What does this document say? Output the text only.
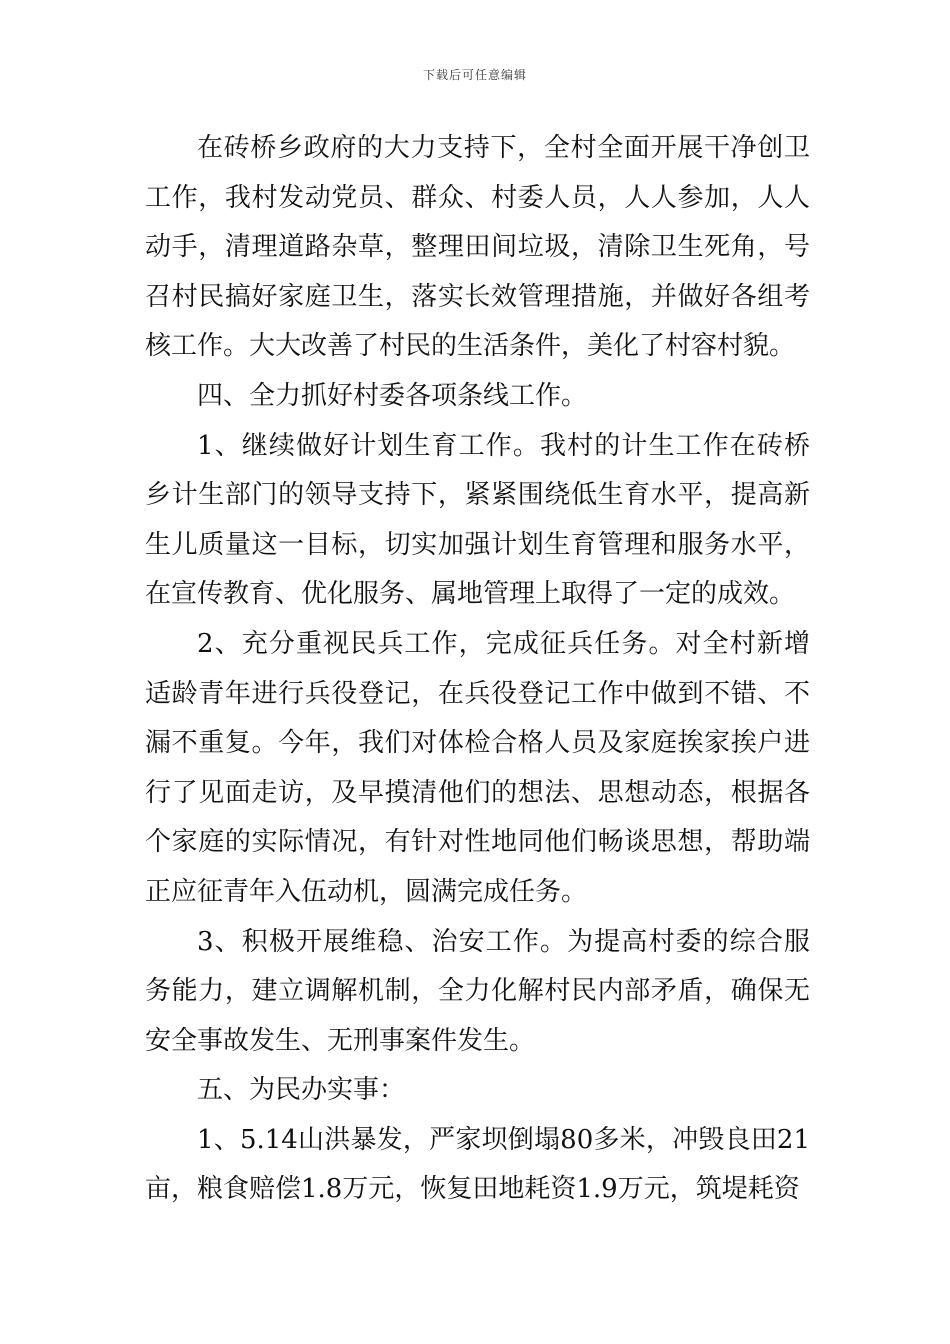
下载后可任意编辑

在砖桥乡政府的大力支持下，全村全面开展干净创卫工作，我村发动党员、群众、村委人员，人人参加，人人动手，清理道路杂草，整理田间垃圾，清除卫生死角，号召村民搞好家庭卫生，落实长效管理措施，并做好各组考核工作。大大改善了村民的生活条件，美化了村容村貌。

四、全力抓好村委各项条线工作。

1、继续做好计划生育工作。我村的计生工作在砖桥乡计生部门的领导支持下，紧紧围绕低生育水平，提高新生儿质量这一目标，切实加强计划生育管理和服务水平，在宣传教育、优化服务、属地管理上取得了一定的成效。

2、充分重视民兵工作，完成征兵任务。对全村新增适龄青年进行兵役登记，在兵役登记工作中做到不错、不漏不重复。今年，我们对体检合格人员及家庭挨家挨户进行了见面走访，及早摸清他们的想法、思想动态，根据各个家庭的实际情况，有针对性地同他们畅谈思想，帮助端正应征青年入伍动机，圆满完成任务。

3、积极开展维稳、治安工作。为提高村委的综合服务能力，建立调解机制，全力化解村民内部矛盾，确保无安全事故发生、无刑事案件发生。

五、为民办实事：

1、5.14山洪暴发，严家坝倒塌80多米，冲毁良田21亩，粮食赔偿1.8万元，恢复田地耗资1.9万元，筑堤耗资
